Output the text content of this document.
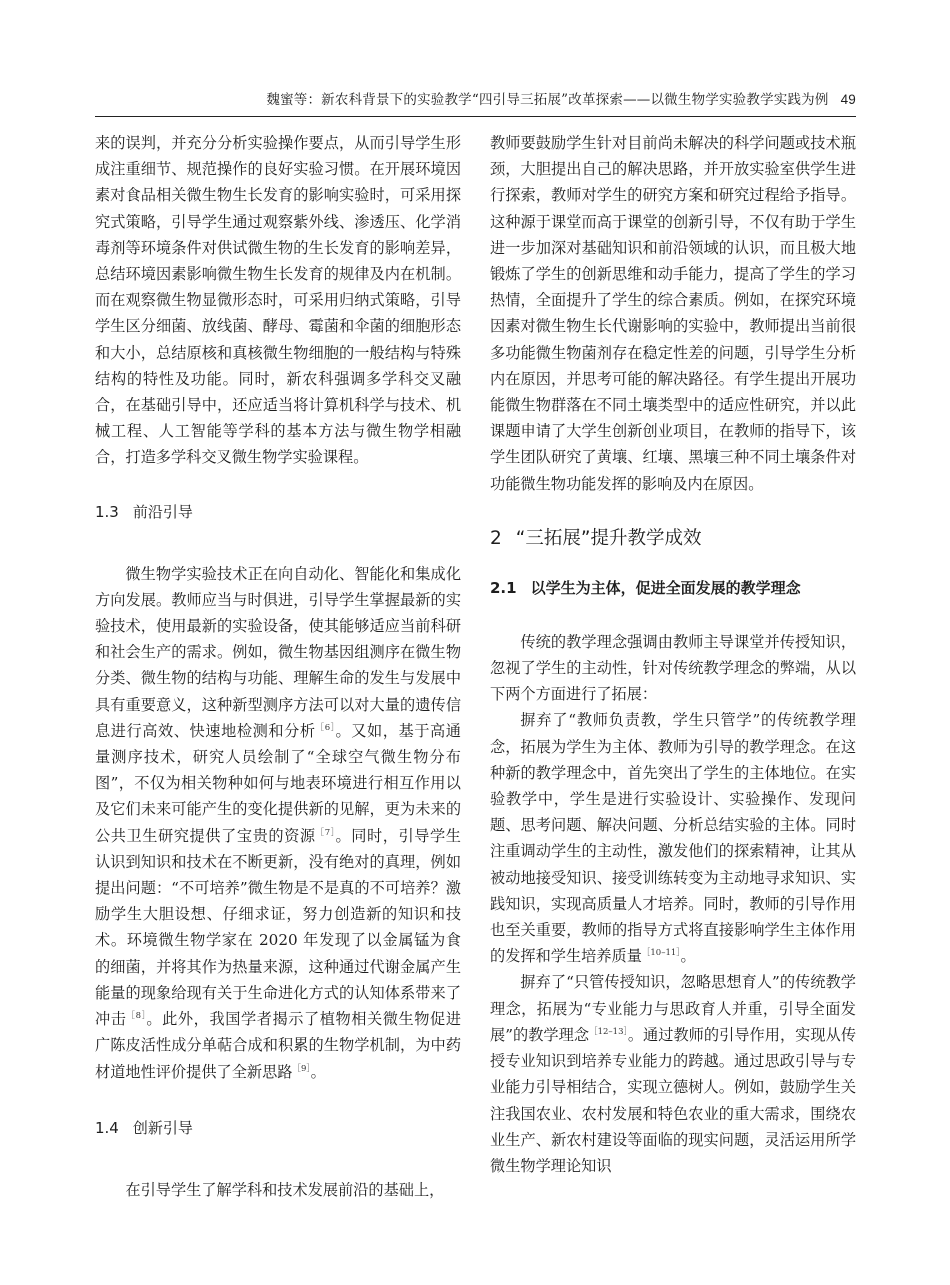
魏蜜等：新农科背景下的实验教学“四引导三拓展”改革探索——以微生物学实验教学实践为例 49

来的误判，并充分分析实验操作要点，从而引导学生形成注重细节、规范操作的良好实验习惯。在开展环境因素对食品相关微生物生长发育的影响实验时，可采用探究式策略，引导学生通过观察紫外线、渗透压、化学消毒剂等环境条件对供试微生物的生长发育的影响差异，总结环境因素影响微生物生长发育的规律及内在机制。而在观察微生物显微形态时，可采用归纳式策略，引导学生区分细菌、放线菌、酵母、霉菌和伞菌的细胞形态和大小，总结原核和真核微生物细胞的一般结构与特殊结构的特性及功能。同时，新农科强调多学科交叉融合，在基础引导中，还应适当将计算机科学与技术、机械工程、人工智能等学科的基本方法与微生物学相融合，打造多学科交叉微生物学实验课程。

1.3 前沿引导

微生物学实验技术正在向自动化、智能化和集成化方向发展。教师应当与时俱进，引导学生掌握最新的实验技术，使用最新的实验设备，使其能够适应当前科研和社会生产的需求。例如，微生物基因组测序在微生物分类、微生物的结构与功能、理解生命的发生与发展中具有重要意义，这种新型测序方法可以对大量的遗传信息进行高效、快速地检测和分析$^{[6]}$。又如，基于高通量测序技术，研究人员绘制了“全球空气微生物分布图”，不仅为相关物种如何与地表环境进行相互作用以及它们未来可能产生的变化提供新的见解，更为未来的公共卫生研究提供了宝贵的资源$^{[7]}$。同时，引导学生认识到知识和技术在不断更新，没有绝对的真理，例如提出问题：“不可培养”微生物是不是真的不可培养？激励学生大胆设想、仔细求证，努力创造新的知识和技术。环境微生物学家在 2020 年发现了以金属锰为食的细菌，并将其作为热量来源，这种通过代谢金属产生能量的现象给现有关于生命进化方式的认知体系带来了冲击$^{[8]}$。此外，我国学者揭示了植物相关微生物促进广陈皮活性成分单萜合成和积累的生物学机制，为中药材道地性评价提供了全新思路$^{[9]}$。

1.4 创新引导

在引导学生了解学科和技术发展前沿的基础上，

教师要鼓励学生针对目前尚未解决的科学问题或技术瓶颈，大胆提出自己的解决思路，并开放实验室供学生进行探索，教师对学生的研究方案和研究过程给予指导。这种源于课堂而高于课堂的创新引导，不仅有助于学生进一步加深对基础知识和前沿领域的认识，而且极大地锻炼了学生的创新思维和动手能力，提高了学生的学习热情，全面提升了学生的综合素质。例如，在探究环境因素对微生物生长代谢影响的实验中，教师提出当前很多功能微生物菌剂存在稳定性差的问题，引导学生分析内在原因，并思考可能的解决路径。有学生提出开展功能微生物群落在不同土壤类型中的适应性研究，并以此课题申请了大学生创新创业项目，在教师的指导下，该学生团队研究了黄壤、红壤、黑壤三种不同土壤条件对功能微生物功能发挥的影响及内在原因。

2 “三拓展”提升教学成效
2.1 以学生为主体，促进全面发展的教学理念

传统的教学理念强调由教师主导课堂并传授知识，忽视了学生的主动性，针对传统教学理念的弊端，从以下两个方面进行了拓展：

摒弃了“教师负责教，学生只管学”的传统教学理念，拓展为学生为主体、教师为引导的教学理念。在这种新的教学理念中，首先突出了学生的主体地位。在实验教学中，学生是进行实验设计、实验操作、发现问题、思考问题、解决问题、分析总结实验的主体。同时注重调动学生的主动性，激发他们的探索精神，让其从被动地接受知识、接受训练转变为主动地寻求知识、实践知识，实现高质量人才培养。同时，教师的引导作用也至关重要，教师的指导方式将直接影响学生主体作用的发挥和学生培养质量$^{[10-11]}$。

摒弃了“只管传授知识，忽略思想育人”的传统教学理念，拓展为“专业能力与思政育人并重，引导全面发展”的教学理念$^{[12-13]}$。通过教师的引导作用，实现从传授专业知识到培养专业能力的跨越。通过思政引导与专业能力引导相结合，实现立德树人。例如，鼓励学生关注我国农业、农村发展和特色农业的重大需求，围绕农业生产、新农村建设等面临的现实问题，灵活运用所学微生物学理论知识
